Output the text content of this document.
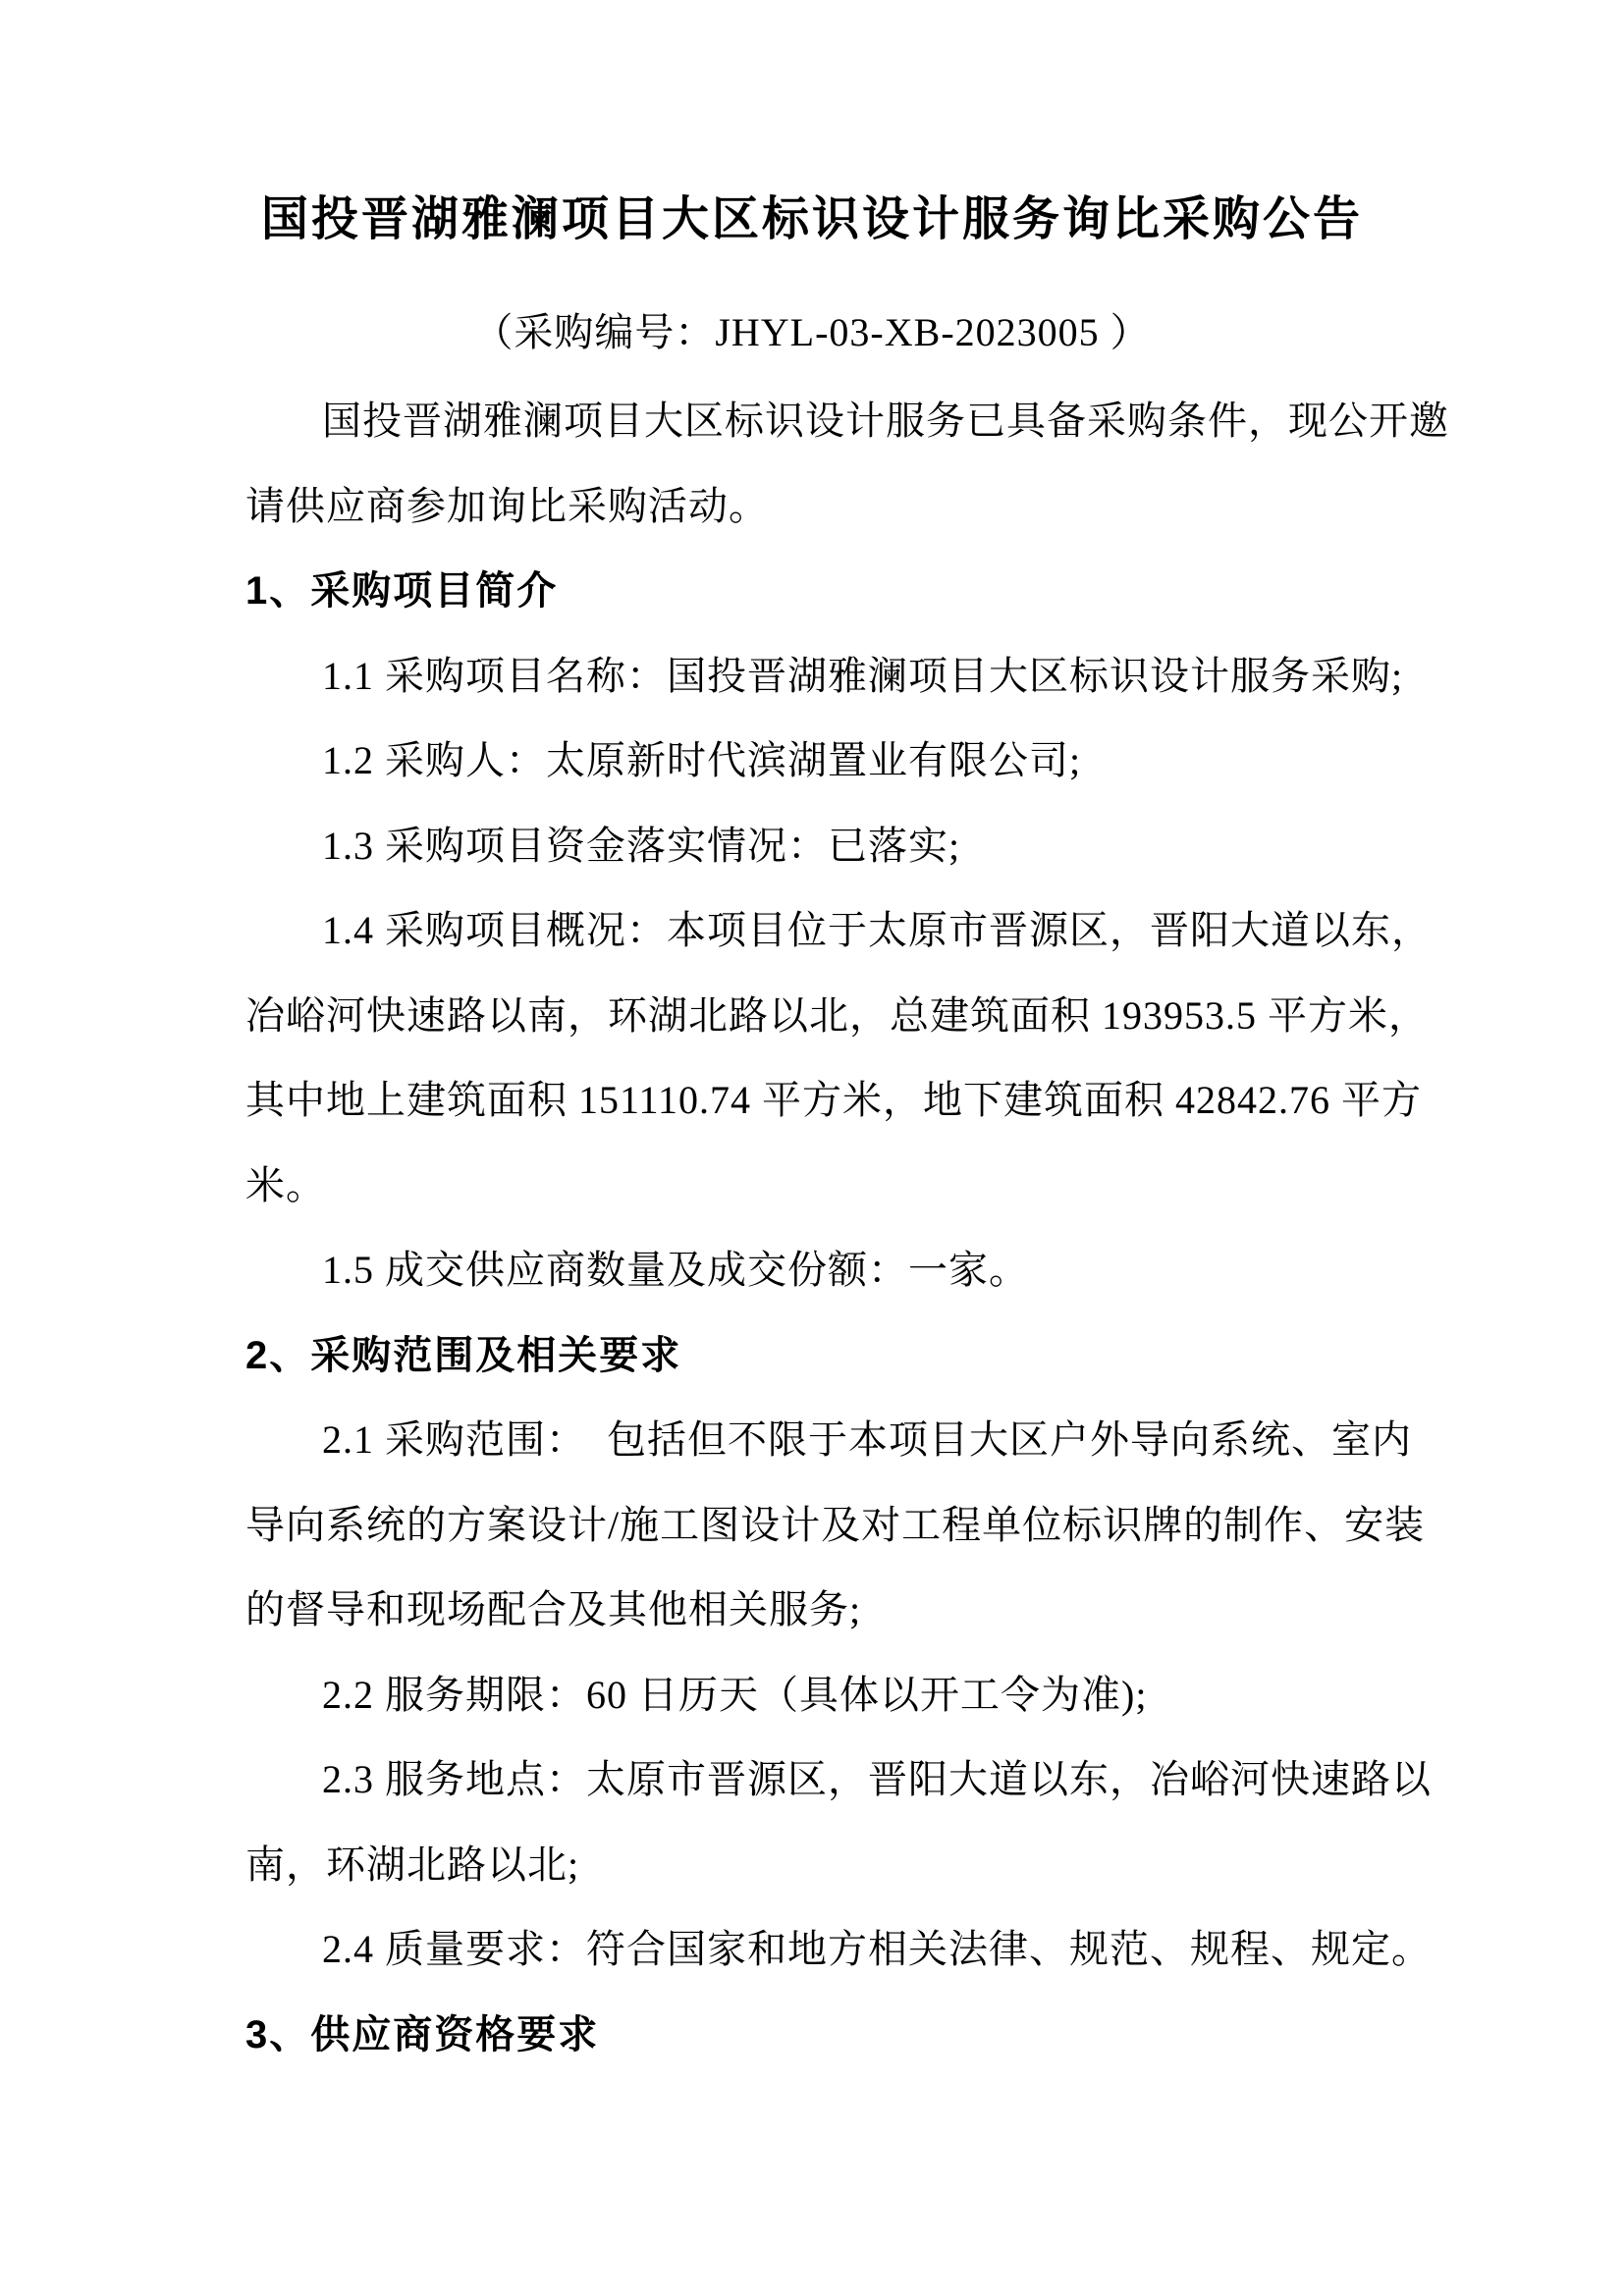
国投晋湖雅澜项目大区标识设计服务询比采购公告
（采购编号：JHYL-03-XB-2023005 ）
国投晋湖雅澜项目大区标识设计服务已具备采购条件，现公开邀
请供应商参加询比采购活动。
1、采购项目简介
1.1 采购项目名称：国投晋湖雅澜项目大区标识设计服务采购;
1.2 采购人：太原新时代滨湖置业有限公司;
1.3 采购项目资金落实情况：已落实;
1.4 采购项目概况：本项目位于太原市晋源区，晋阳大道以东，
冶峪河快速路以南，环湖北路以北，总建筑面积 193953.5 平方米，
其中地上建筑面积 151110.74 平方米，地下建筑面积 42842.76 平方
米。
1.5 成交供应商数量及成交份额：一家。
2、采购范围及相关要求
2.1 采购范围：　包括但不限于本项目大区户外导向系统、室内
导向系统的方案设计/施工图设计及对工程单位标识牌的制作、安装
的督导和现场配合及其他相关服务;
2.2 服务期限：60 日历天（具体以开工令为准);
2.3 服务地点：太原市晋源区，晋阳大道以东，冶峪河快速路以
南，环湖北路以北;
2.4 质量要求：符合国家和地方相关法律、规范、规程、规定。
3、供应商资格要求
